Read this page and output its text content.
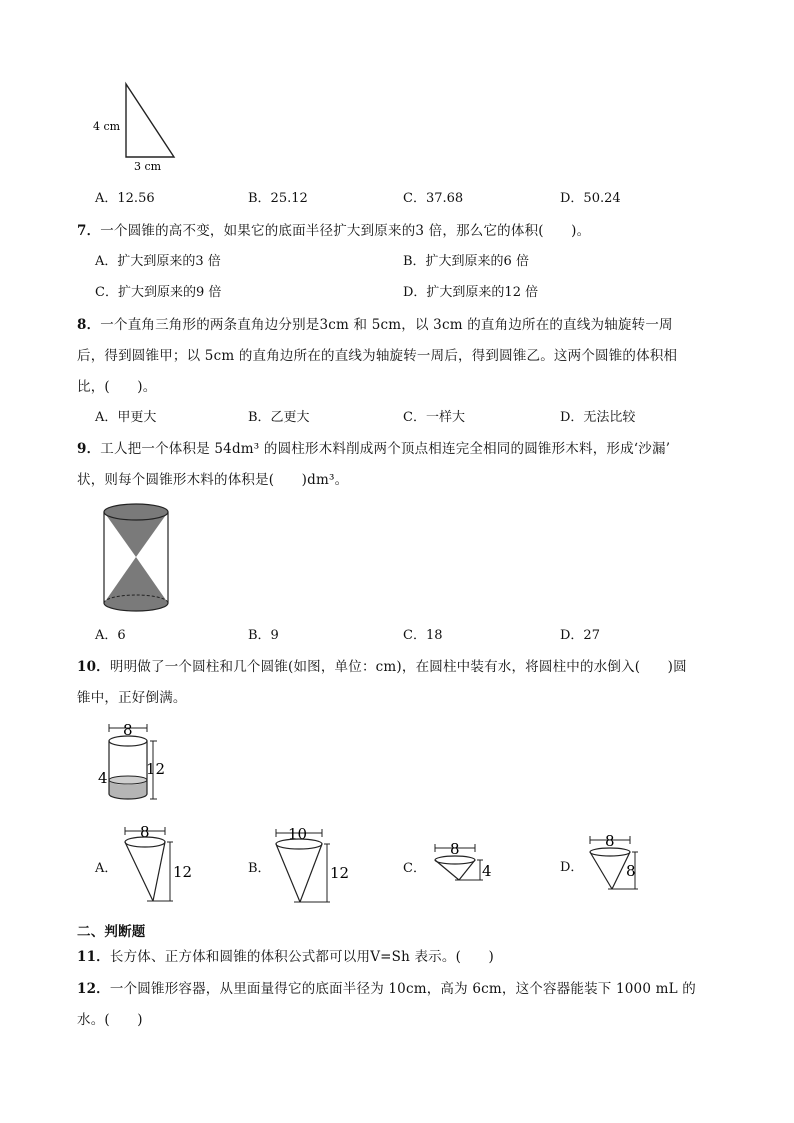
4 cm
3 cm
A．12.56	B．25.12	C．37.68	D．50.24
7．一个圆锥的高不变，如果它的底面半径扩大到原来的3 倍，那么它的体积(　　)。
A．扩大到原来的3 倍	B．扩大到原来的6 倍
C．扩大到原来的9 倍	D．扩大到原来的12 倍
8．一个直角三角形的两条直角边分别是3cm 和 5cm，以 3cm 的直角边所在的直线为轴旋转一周
后，得到圆锥甲；以 5cm 的直角边所在的直线为轴旋转一周后，得到圆锥乙。这两个圆锥的体积相
比，(　　)。
A．甲更大	B．乙更大	C．一样大	D．无法比较
9．工人把一个体积是 54dm³ 的圆柱形木料削成两个顶点相连完全相同的圆锥形木料，形成‘沙漏’
状，则每个圆锥形木料的体积是(　　)dm³。
A．6	B．9	C．18	D．27
10．明明做了一个圆柱和几个圆锥(如图，单位：cm)，在圆柱中装有水，将圆柱中的水倒入(　　)圆
锥中，正好倒满。
8
12
4
A．
8
12	B．
10
12	C．
8
4	D．
8
8
二、判断题
11．长方体、正方体和圆锥的体积公式都可以用V=Sh 表示。(　　)
12．一个圆锥形容器，从里面量得它的底面半径为 10cm，高为 6cm，这个容器能装下 1000 mL 的
水。(　　)
